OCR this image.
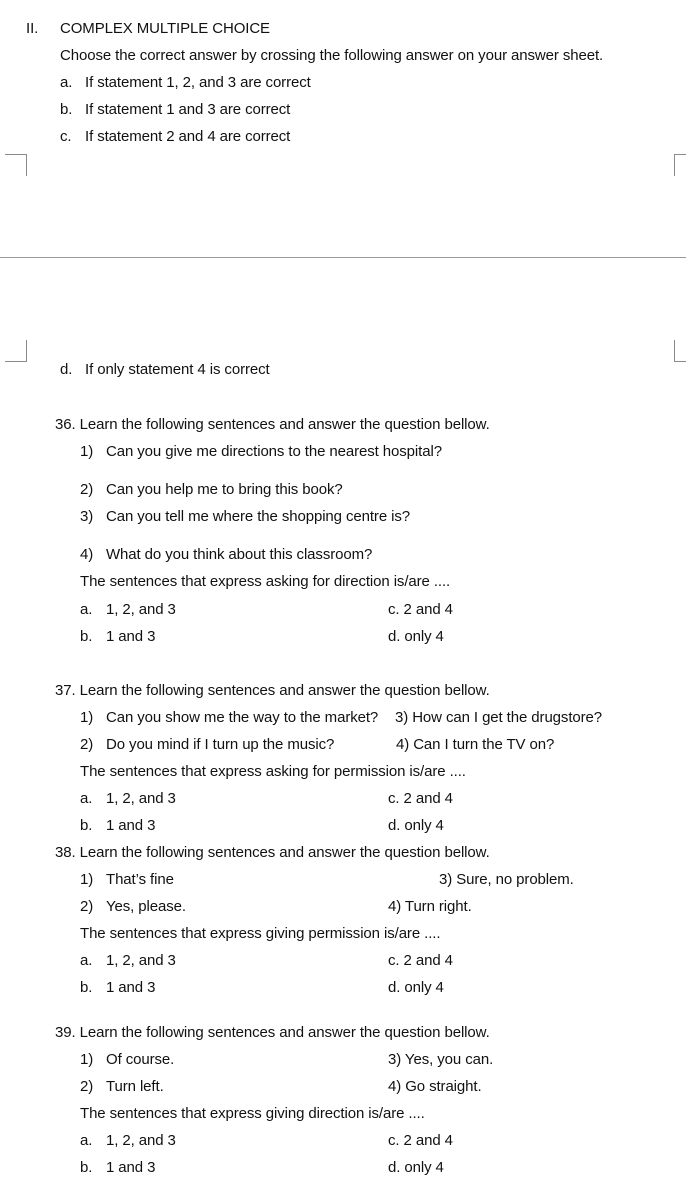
II. COMPLEX MULTIPLE CHOICE
Choose the correct answer by crossing the following answer on your answer sheet.
a. If statement 1, 2, and 3 are correct
b. If statement 1 and 3 are correct
c. If statement 2 and 4 are correct
d. If only statement 4 is correct
36. Learn the following sentences and answer the question bellow.
1) Can you give me directions to the nearest hospital?
2) Can you help me to bring this book?
3) Can you tell me where the shopping centre is?
4) What do you think about this classroom?
The sentences that express asking for direction is/are ....
a. 1, 2, and 3	c. 2 and 4
b. 1 and 3	d. only 4
37. Learn the following sentences and answer the question bellow.
1) Can you show me the way to the market? 3) How can I get the drugstore?
2) Do you mind if I turn up the music?	4) Can I turn the TV on?
The sentences that express asking for permission is/are ....
a. 1, 2, and 3	c. 2 and 4
b. 1 and 3	d. only 4
38. Learn the following sentences and answer the question bellow.
1) That’s fine	3) Sure, no problem.
2) Yes, please.	4) Turn right.
The sentences that express giving permission is/are ....
a. 1, 2, and 3	c. 2 and 4
b. 1 and 3	d. only 4
39. Learn the following sentences and answer the question bellow.
1) Of course.	3) Yes, you can.
2) Turn left.	4) Go straight.
The sentences that express giving direction is/are ....
a. 1, 2, and 3	c. 2 and 4
b. 1 and 3	d. only 4
